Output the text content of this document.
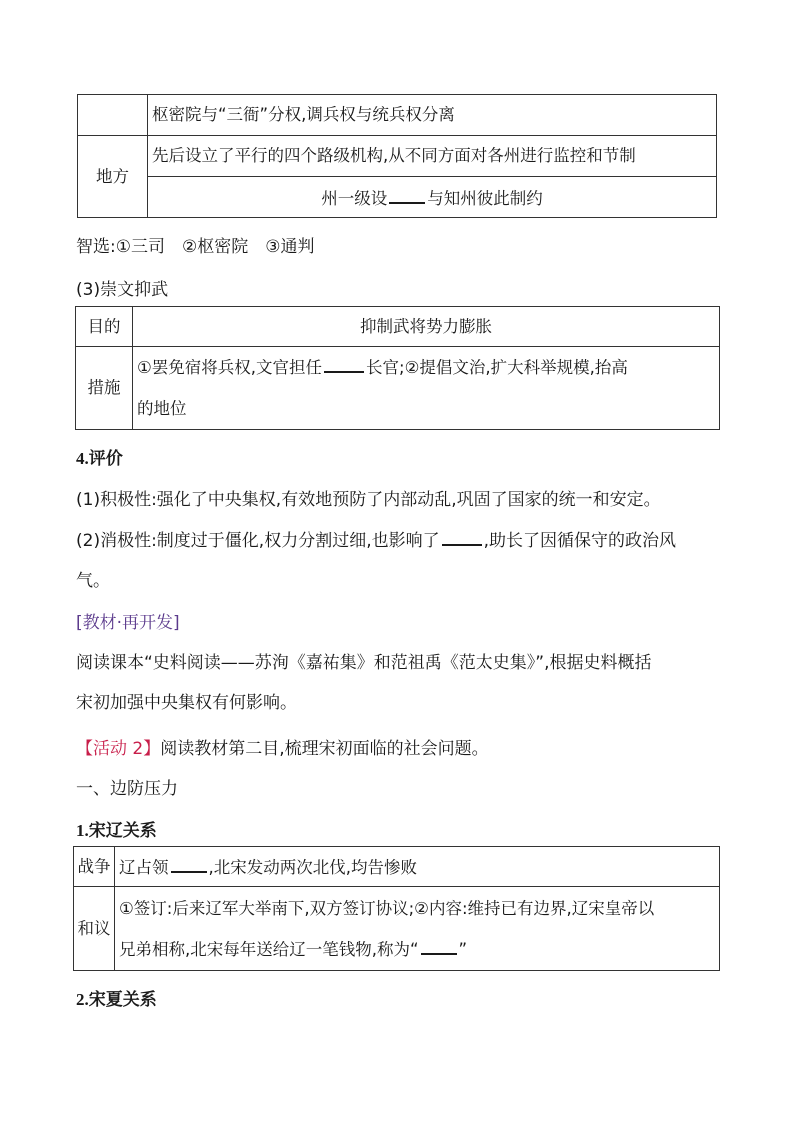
	枢密院与“三衙”分权,调兵权与统兵权分离
地方	先后设立了平行的四个路级机构,从不同方面对各州进行监控和节制
	州一级设 与知州彼此制约
智选:①三司　②枢密院　③通判
(3)崇文抑武
目的	抑制武将势力膨胀
措施	①罢免宿将兵权,文官担任 长官;②提倡文治,扩大科举规模,抬高
的地位
4.评价
(1)积极性:强化了中央集权,有效地预防了内部动乱,巩固了国家的统一和安定。
(2)消极性:制度过于僵化,权力分割过细,也影响了	,助长了因循保守的政治风
气。
[教材·再开发]
阅读课本“史料阅读——苏洵《嘉祐集》和范祖禹《范太史集》”,根据史料概括
宋初加强中央集权有何影响。
【活动 2】阅读教材第二目,梳理宋初面临的社会问题。
一、边防压力
1.宋辽关系
战争	辽占领 ,北宋发动两次北伐,均告惨败
和议	①签订:后来辽军大举南下,双方签订协议;②内容:维持已有边界,辽宋皇帝以
兄弟相称,北宋每年送给辽一笔钱物,称为“ ”
2.宋夏关系
